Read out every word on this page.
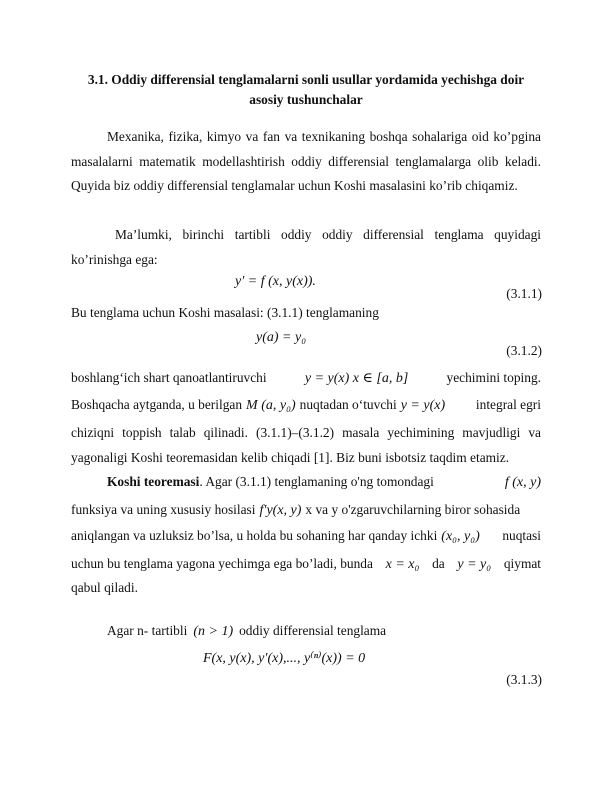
3.1. Oddiy differensial tenglamalarni sonli usullar yordamida yechishga doir asosiy tushunchalar
Mexanika, fizika, kimyo va fan va texnikaning boshqa sohalariga oid ko’pgina masalalarni matematik modellashtirish oddiy differensial tenglamalarga olib keladi. Quyida biz oddiy differensial tenglamalar uchun Koshi masalasini ko’rib chiqamiz.
Ma’lumki, birinchi tartibli oddiy oddiy differensial tenglama quyidagi ko’rinishga ega:
y′ = f (x, y(x)).
(3.1.1)
Bu tenglama uchun Koshi masalasi: (3.1.1) tenglamaning
y(a) = y₀
(3.1.2)
boshlang‘ich shart qanoatlantiruvchi	y = y(x) x ∈ [a, b]	yechimini toping.
Boshqacha aytganda, u berilgan M (a, y₀) nuqtadan o‘tuvchi y = y(x) integral egri
chiziqni toppish talab qilinadi. (3.1.1)–(3.1.2) masala yechimining mavjudligi va yagonaligi Koshi teoremasidan kelib chiqadi [1]. Biz buni isbotsiz taqdim etamiz.
Koshi teoremasi . Agar (3.1.1) tenglamaning o'ng tomondagi	f (x, y)
funksiya va uning xususiy hosilasi f′y(x, y) x va y o'zgaruvchilarning biror sohasida
aniqlangan va uzluksiz bo’lsa, u holda bu sohaning har qanday ichki (x₀, y₀) nuqtasi
uchun bu tenglama yagona yechimga ega bo’ladi, bunda x = x₀ da y = y₀ qiymat
qabul qiladi.
Agar n- tartibli (n > 1) oddiy differensial tenglama
F(x, y(x), y′(x),..., y⁽ⁿ⁾(x)) = 0
(3.1.3)
